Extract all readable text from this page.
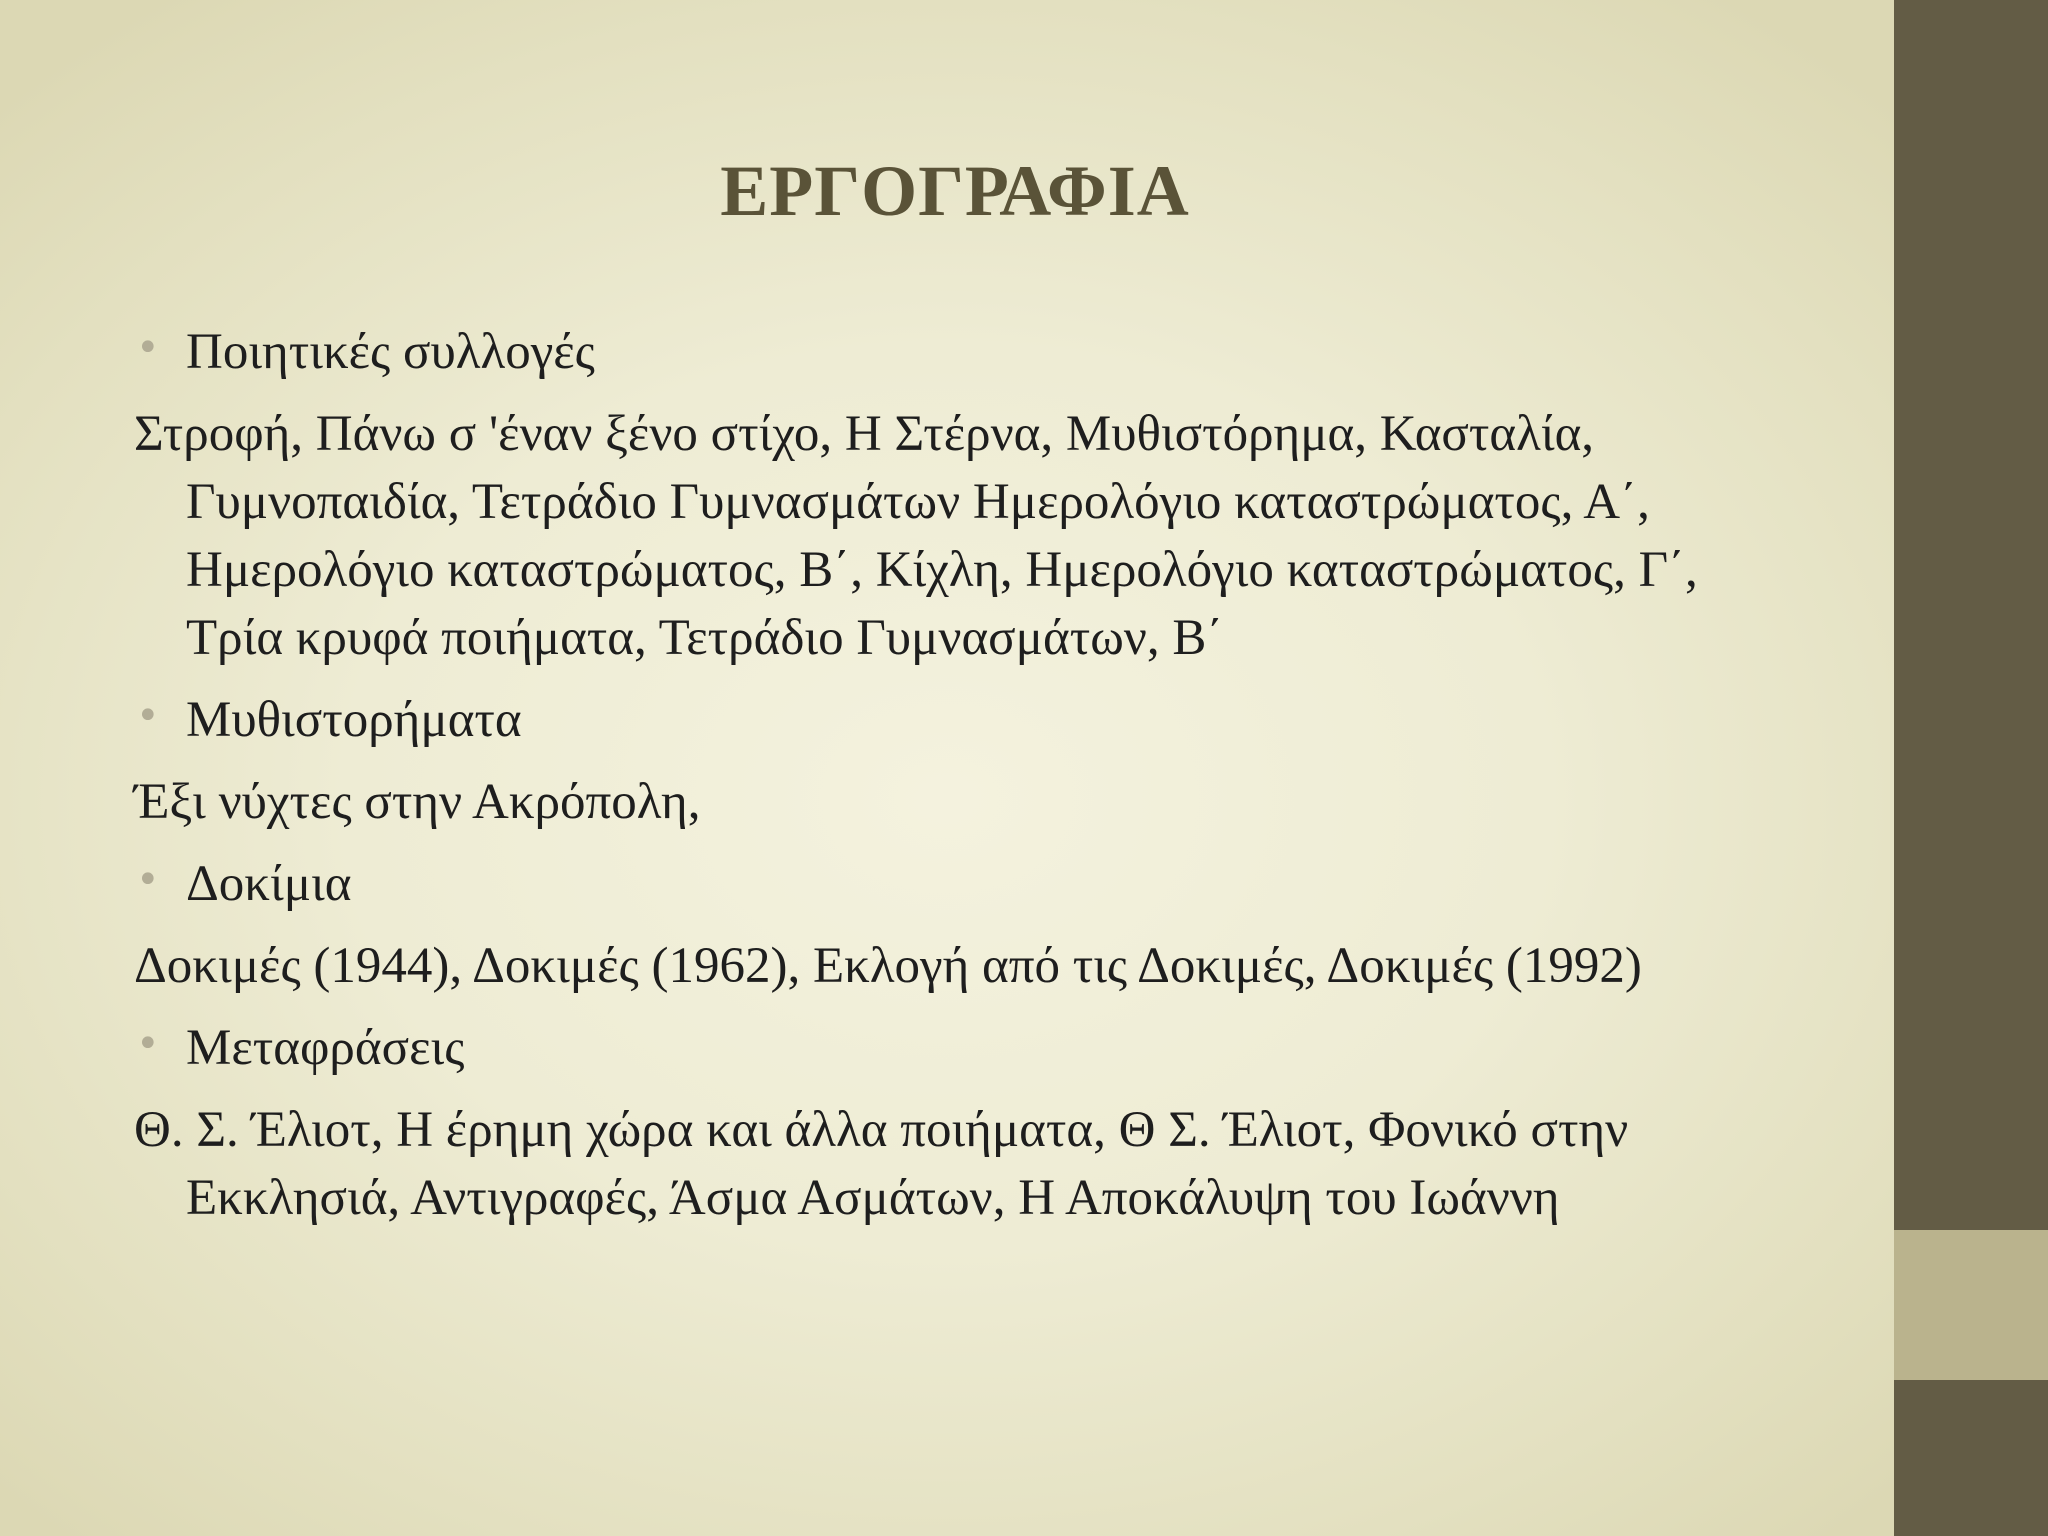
ΕΡΓΟΓΡΑΦΙΑ
• Ποιητικές συλλογές
Στροφή, Πάνω σ 'έναν ξένο στίχο, Η Στέρνα, Μυθιστόρημα, Κασταλία, Γυμνοπαιδία, Τετράδιο Γυμνασμάτων Ημερολόγιο καταστρώματος, Α΄, Ημερολόγιο καταστρώματος, Β΄, Κίχλη, Ημερολόγιο καταστρώματος, Γ΄, Τρία κρυφά ποιήματα, Τετράδιο Γυμνασμάτων, Β΄
• Μυθιστορήματα
Έξι νύχτες στην Ακρόπολη,
• Δοκίμια
Δοκιμές (1944), Δοκιμές (1962), Εκλογή από τις Δοκιμές, Δοκιμές (1992)
• Μεταφράσεις
Θ. Σ. Έλιοτ, Η έρημη χώρα και άλλα ποιήματα, Θ Σ. Έλιοτ, Φονικό στην Εκκλησιά, Αντιγραφές, Άσμα Ασμάτων, Η Αποκάλυψη του Ιωάννη
